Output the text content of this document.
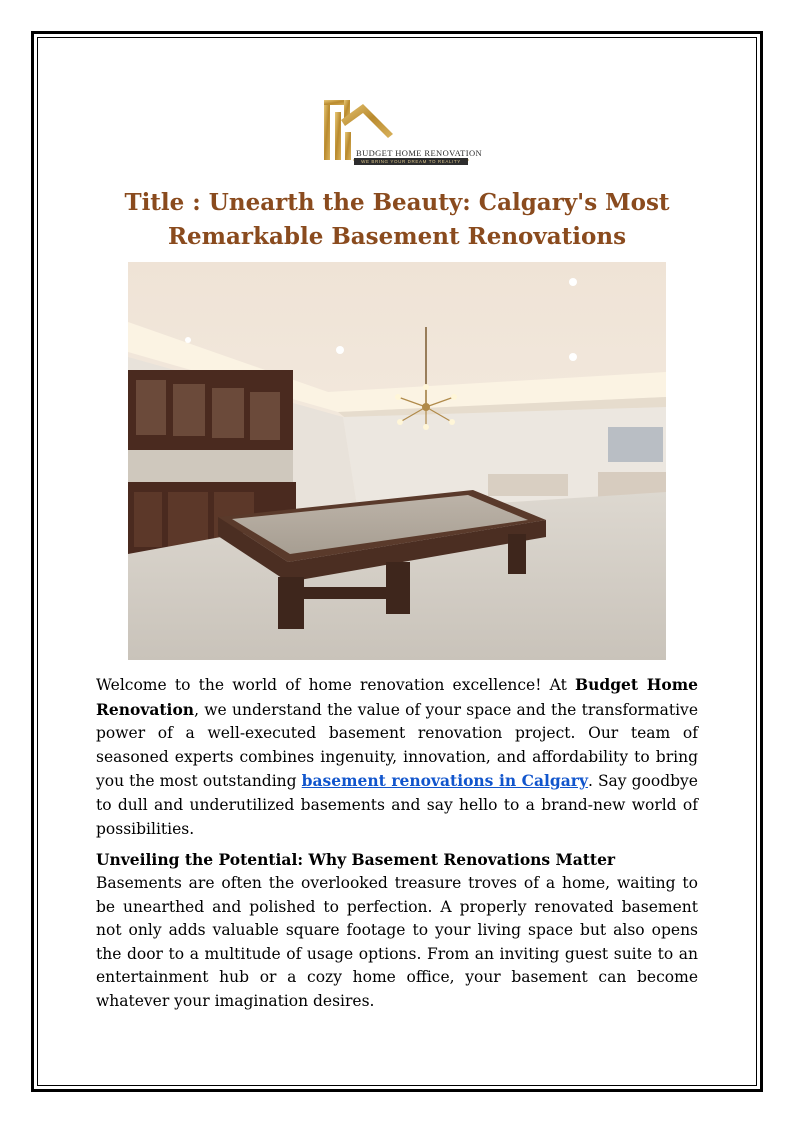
BUDGET HOME RENOVATION
WE BRING YOUR DREAM TO REALITY
Title : Unearth the Beauty: Calgary's Most Remarkable Basement Renovations

Welcome to the world of home renovation excellence! At Budget Home Renovation, we understand the value of your space and the transformative power of a well-executed basement renovation project. Our team of seasoned experts combines ingenuity, innovation, and affordability to bring you the most outstanding basement renovations in Calgary. Say goodbye to dull and underutilized basements and say hello to a brand-new world of possibilities.

Unveiling the Potential: Why Basement Renovations Matter

Basements are often the overlooked treasure troves of a home, waiting to be unearthed and polished to perfection. A properly renovated basement not only adds valuable square footage to your living space but also opens the door to a multitude of usage options. From an inviting guest suite to an entertainment hub or a cozy home office, your basement can become whatever your imagination desires.
